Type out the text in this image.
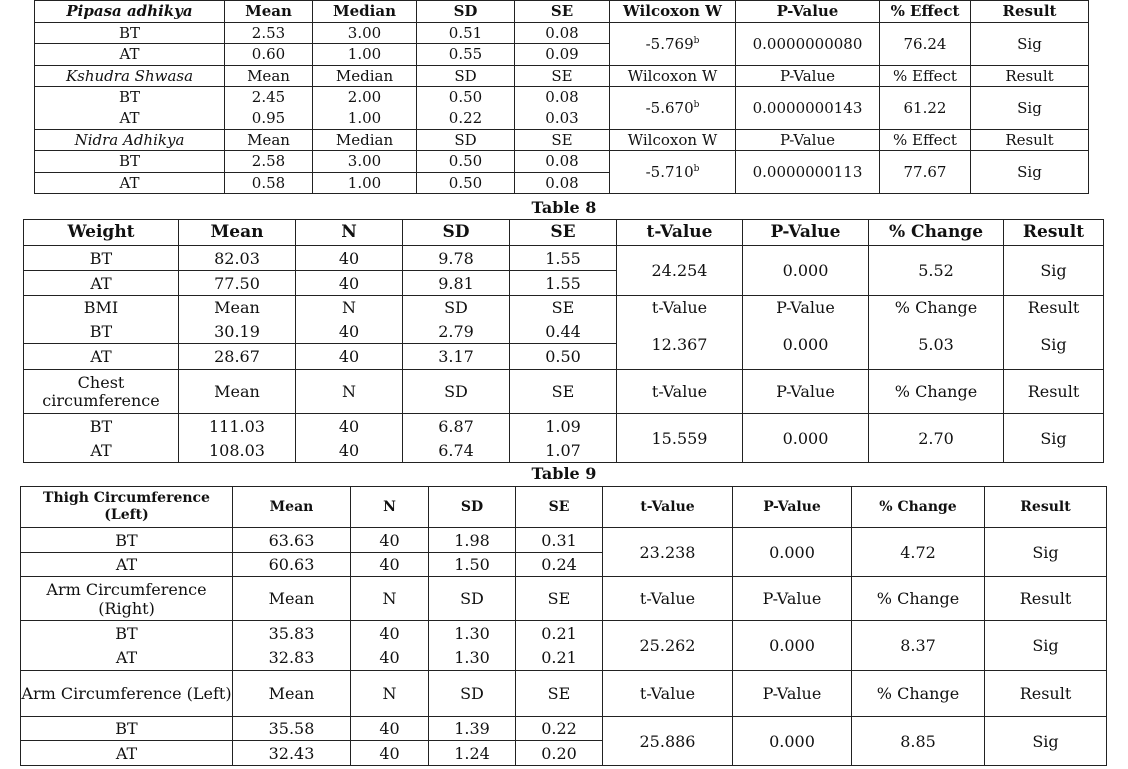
Pipasa adhikya	Mean	Median	SD	SE	Wilcoxon W	P-Value	% Effect	Result
BT	2.53	3.00	0.51	0.08	-5.769$^b$	0.0000000080	76.24	Sig
AT	0.60	1.00	0.55	0.09				
Kshudra Shwasa	Mean	Median	SD	SE	Wilcoxon W	P-Value	% Effect	Result
BT	2.45	2.00	0.50	0.08	-5.670$^b$	0.0000000143	61.22	Sig
AT	0.95	1.00	0.22	0.03				
Nidra Adhikya	Mean	Median	SD	SE	Wilcoxon W	P-Value	% Effect	Result
BT	2.58	3.00	0.50	0.08	-5.710$^b$	0.0000000113	77.67	Sig
AT	0.58	1.00	0.50	0.08				
Table 8
Weight	Mean	N	SD	SE	t-Value	P-Value	% Change	Result
BT	82.03	40	9.78	1.55	24.254	0.000	5.52	Sig
AT	77.50	40	9.81	1.55				
BMI	Mean	N	SD	SE	t-Value	P-Value	% Change	Result
BT	30.19	40	2.79	0.44	12.367	0.000	5.03	Sig
AT	28.67	40	3.17	0.50				
Chest circumference	Mean	N	SD	SE	t-Value	P-Value	% Change	Result
BT	111.03	40	6.87	1.09	15.559	0.000	2.70	Sig
AT	108.03	40	6.74	1.07				
Table 9
Thigh Circumference (Left)	Mean	N	SD	SE	t-Value	P-Value	% Change	Result
BT	63.63	40	1.98	0.31	23.238	0.000	4.72	Sig
AT	60.63	40	1.50	0.24				
Arm Circumference (Right)	Mean	N	SD	SE	t-Value	P-Value	% Change	Result
BT	35.83	40	1.30	0.21	25.262	0.000	8.37	Sig
AT	32.83	40	1.30	0.21				
Arm Circumference (Left)	Mean	N	SD	SE	t-Value	P-Value	% Change	Result
BT	35.58	40	1.39	0.22	25.886	0.000	8.85	Sig
AT	32.43	40	1.24	0.20				
